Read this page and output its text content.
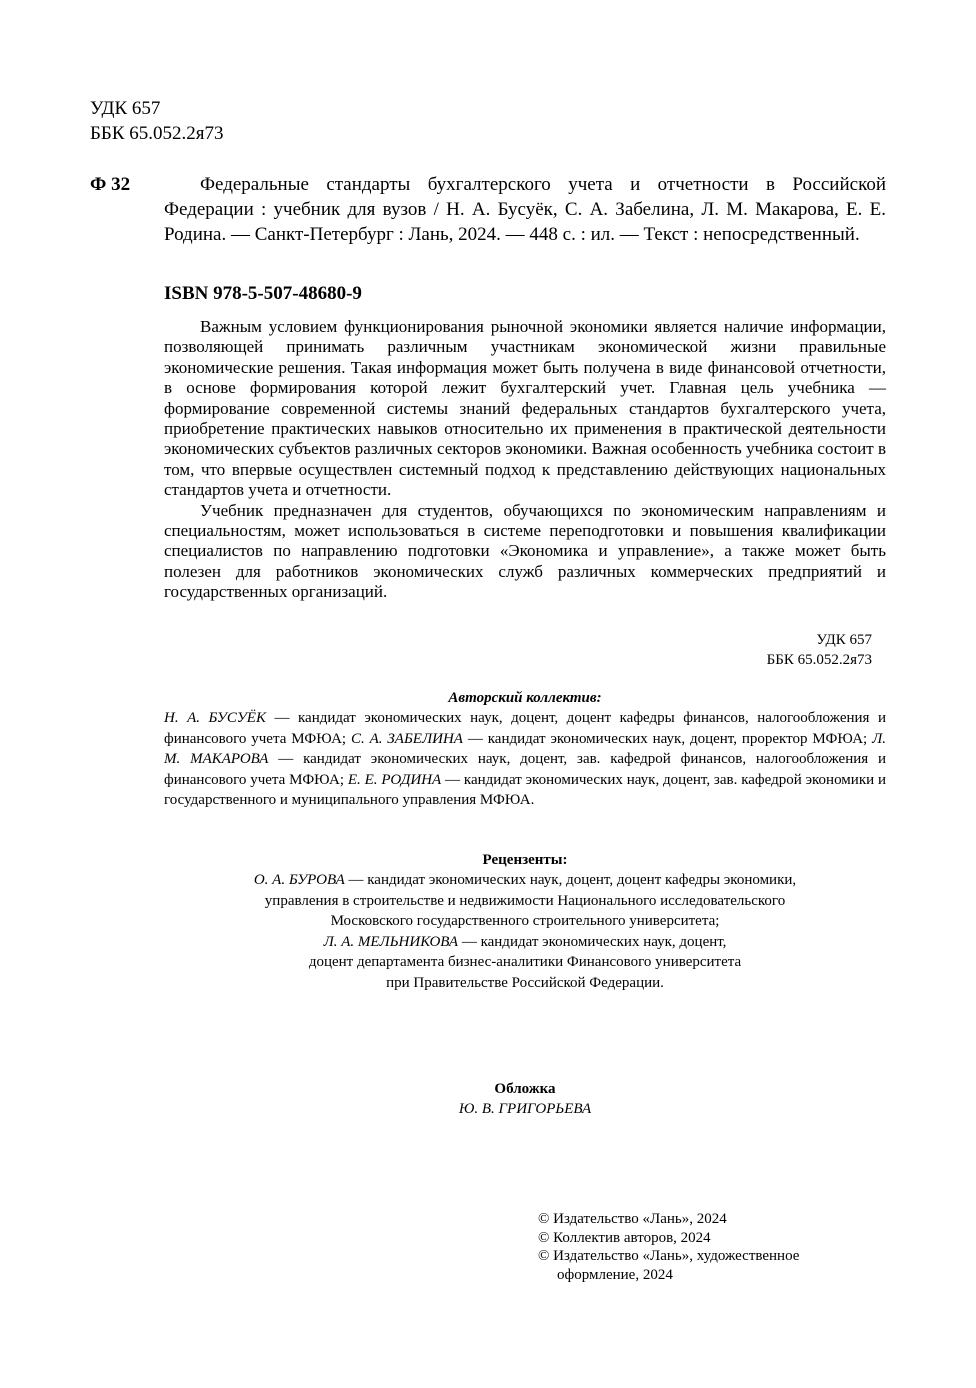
УДК 657
ББК 65.052.2я73
Ф 32	Федеральные стандарты бухгалтерского учета и отчетности в Российской Федерации : учебник для вузов / Н. А. Бусуёк, С. А. Забелина, Л. М. Макарова, Е. Е. Родина. — Санкт-Петербург : Лань, 2024. — 448 с. : ил. — Текст : непосредственный.
ISBN 978-5-507-48680-9

Важным условием функционирования рыночной экономики является наличие информации, позволяющей принимать различным участникам экономической жизни правильные экономические решения. Такая информация может быть получена в виде финансовой отчетности, в основе формирования которой лежит бухгалтерский учет. Главная цель учебника — формирование современной системы знаний федеральных стандартов бухгалтерского учета, приобретение практических навыков относительно их применения в практической деятельности экономических субъектов различных секторов экономики. Важная особенность учебника состоит в том, что впервые осуществлен системный подход к представлению действующих национальных стандартов учета и отчетности.

Учебник предназначен для студентов, обучающихся по экономическим направлениям и специальностям, может использоваться в системе переподготовки и повышения квалификации специалистов по направлению подготовки «Экономика и управление», а также может быть полезен для работников экономических служб различных коммерческих предприятий и государственных организаций.

УДК 657
ББК 65.052.2я73
Авторский коллектив:
Н. А. БУСУЁК — кандидат экономических наук, доцент, доцент кафедры финансов, налогообложения и финансового учета МФЮА; С. А. ЗАБЕЛИНА — кандидат экономических наук, доцент, проректор МФЮА; Л. М. МАКАРОВА — кандидат экономических наук, доцент, зав. кафедрой финансов, налогообложения и финансового учета МФЮА; Е. Е. РОДИНА — кандидат экономических наук, доцент, зав. кафедрой экономики и государственного и муниципального управления МФЮА.
Рецензенты:
О. А. БУРОВА — кандидат экономических наук, доцент, доцент кафедры экономики,
управления в строительстве и недвижимости Национального исследовательского
Московского государственного строительного университета;
Л. А. МЕЛЬНИКОВА — кандидат экономических наук, доцент,
доцент департамента бизнес-аналитики Финансового университета
при Правительстве Российской Федерации.
Обложка
Ю. В. ГРИГОРЬЕВА
© Издательство «Лань», 2024
© Коллектив авторов, 2024
© Издательство «Лань», художественное
оформление, 2024
